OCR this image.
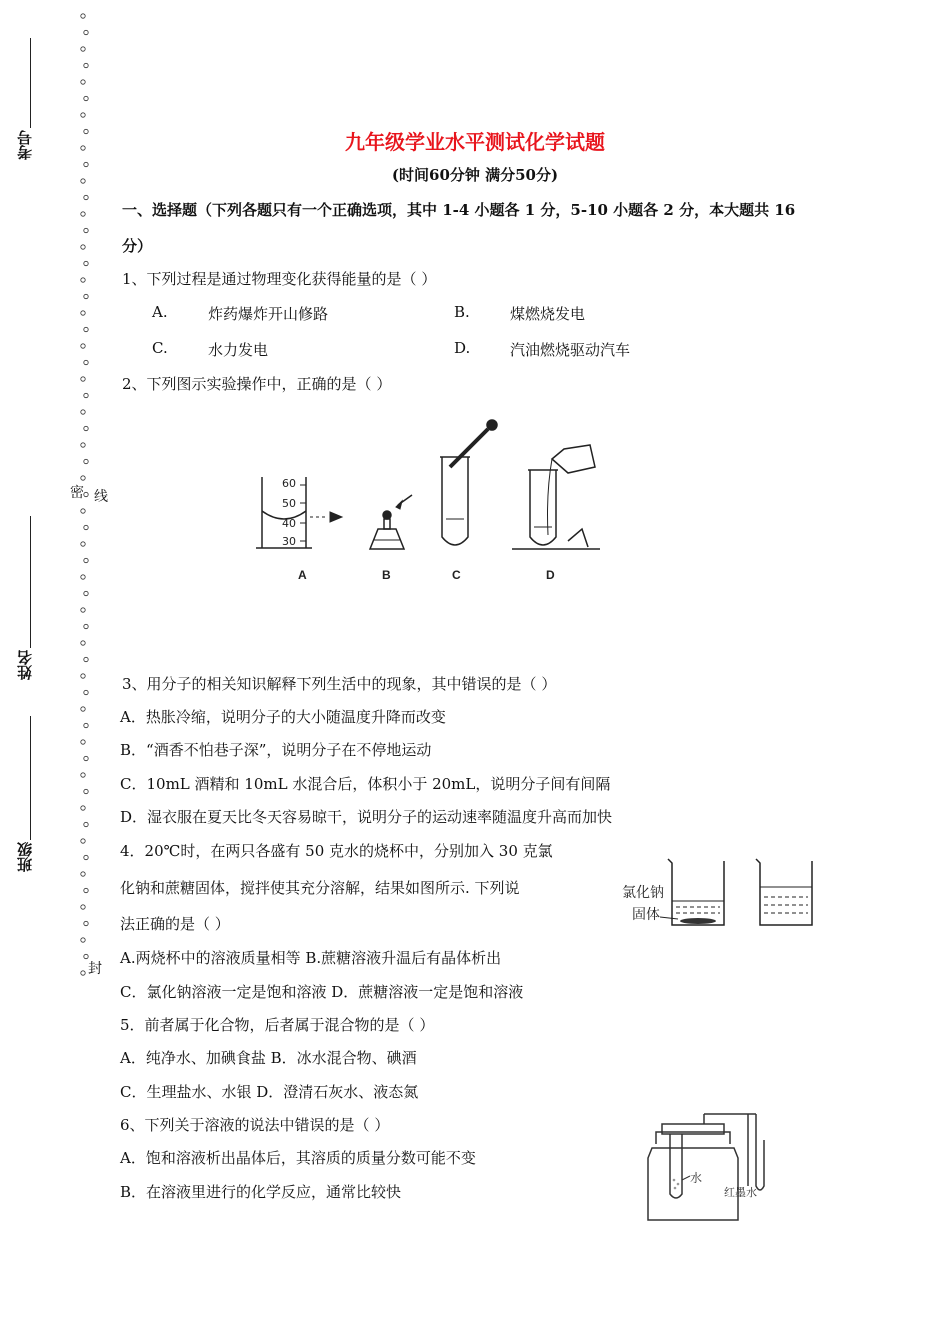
考号
姓名
班级
密 线
封
九年级学业水平测试化学试题
(时间60分钟 满分50分)
一、选择题（下列各题只有一个正确选项，其中 1-4 小题各 1 分，5-10 小题各 2 分，本大题共 16
分）
1、下列过程是通过物理变化获得能量的是（ ）
A.	炸药爆炸开山修路	B.	煤燃烧发电
C.	水力发电	D.	汽油燃烧驱动汽车
2、下列图示实验操作中，正确的是（ ）
60
50
40
30
A	B	C	D
3、用分子的相关知识解释下列生活中的现象，其中错误的是（ ）
A．热胀冷缩，说明分子的大小随温度升降而改变
B．“酒香不怕巷子深”，说明分子在不停地运动
C．10mL 酒精和 10mL 水混合后，体积小于 20mL，说明分子间有间隔
D．湿衣服在夏天比冬天容易晾干，说明分子的运动速率随温度升高而加快
4．20℃时，在两只各盛有 50 克水的烧杯中，分别加入 30 克氯
化钠和蔗糖固体，搅拌使其充分溶解，结果如图所示. 下列说
法正确的是（ ）
A.两烧杯中的溶液质量相等 B.蔗糖溶液升温后有晶体析出
C．氯化钠溶液一定是饱和溶液 D．蔗糖溶液一定是饱和溶液
氯化钠
固体
5．前者属于化合物，后者属于混合物的是（ ）
A．纯净水、加碘食盐 B．冰水混合物、碘酒
C．生理盐水、水银 D．澄清石灰水、液态氮
6、下列关于溶液的说法中错误的是（ ）
A．饱和溶液析出晶体后，其溶质的质量分数可能不变
B．在溶液里进行的化学反应，通常比较快
水
红墨水
